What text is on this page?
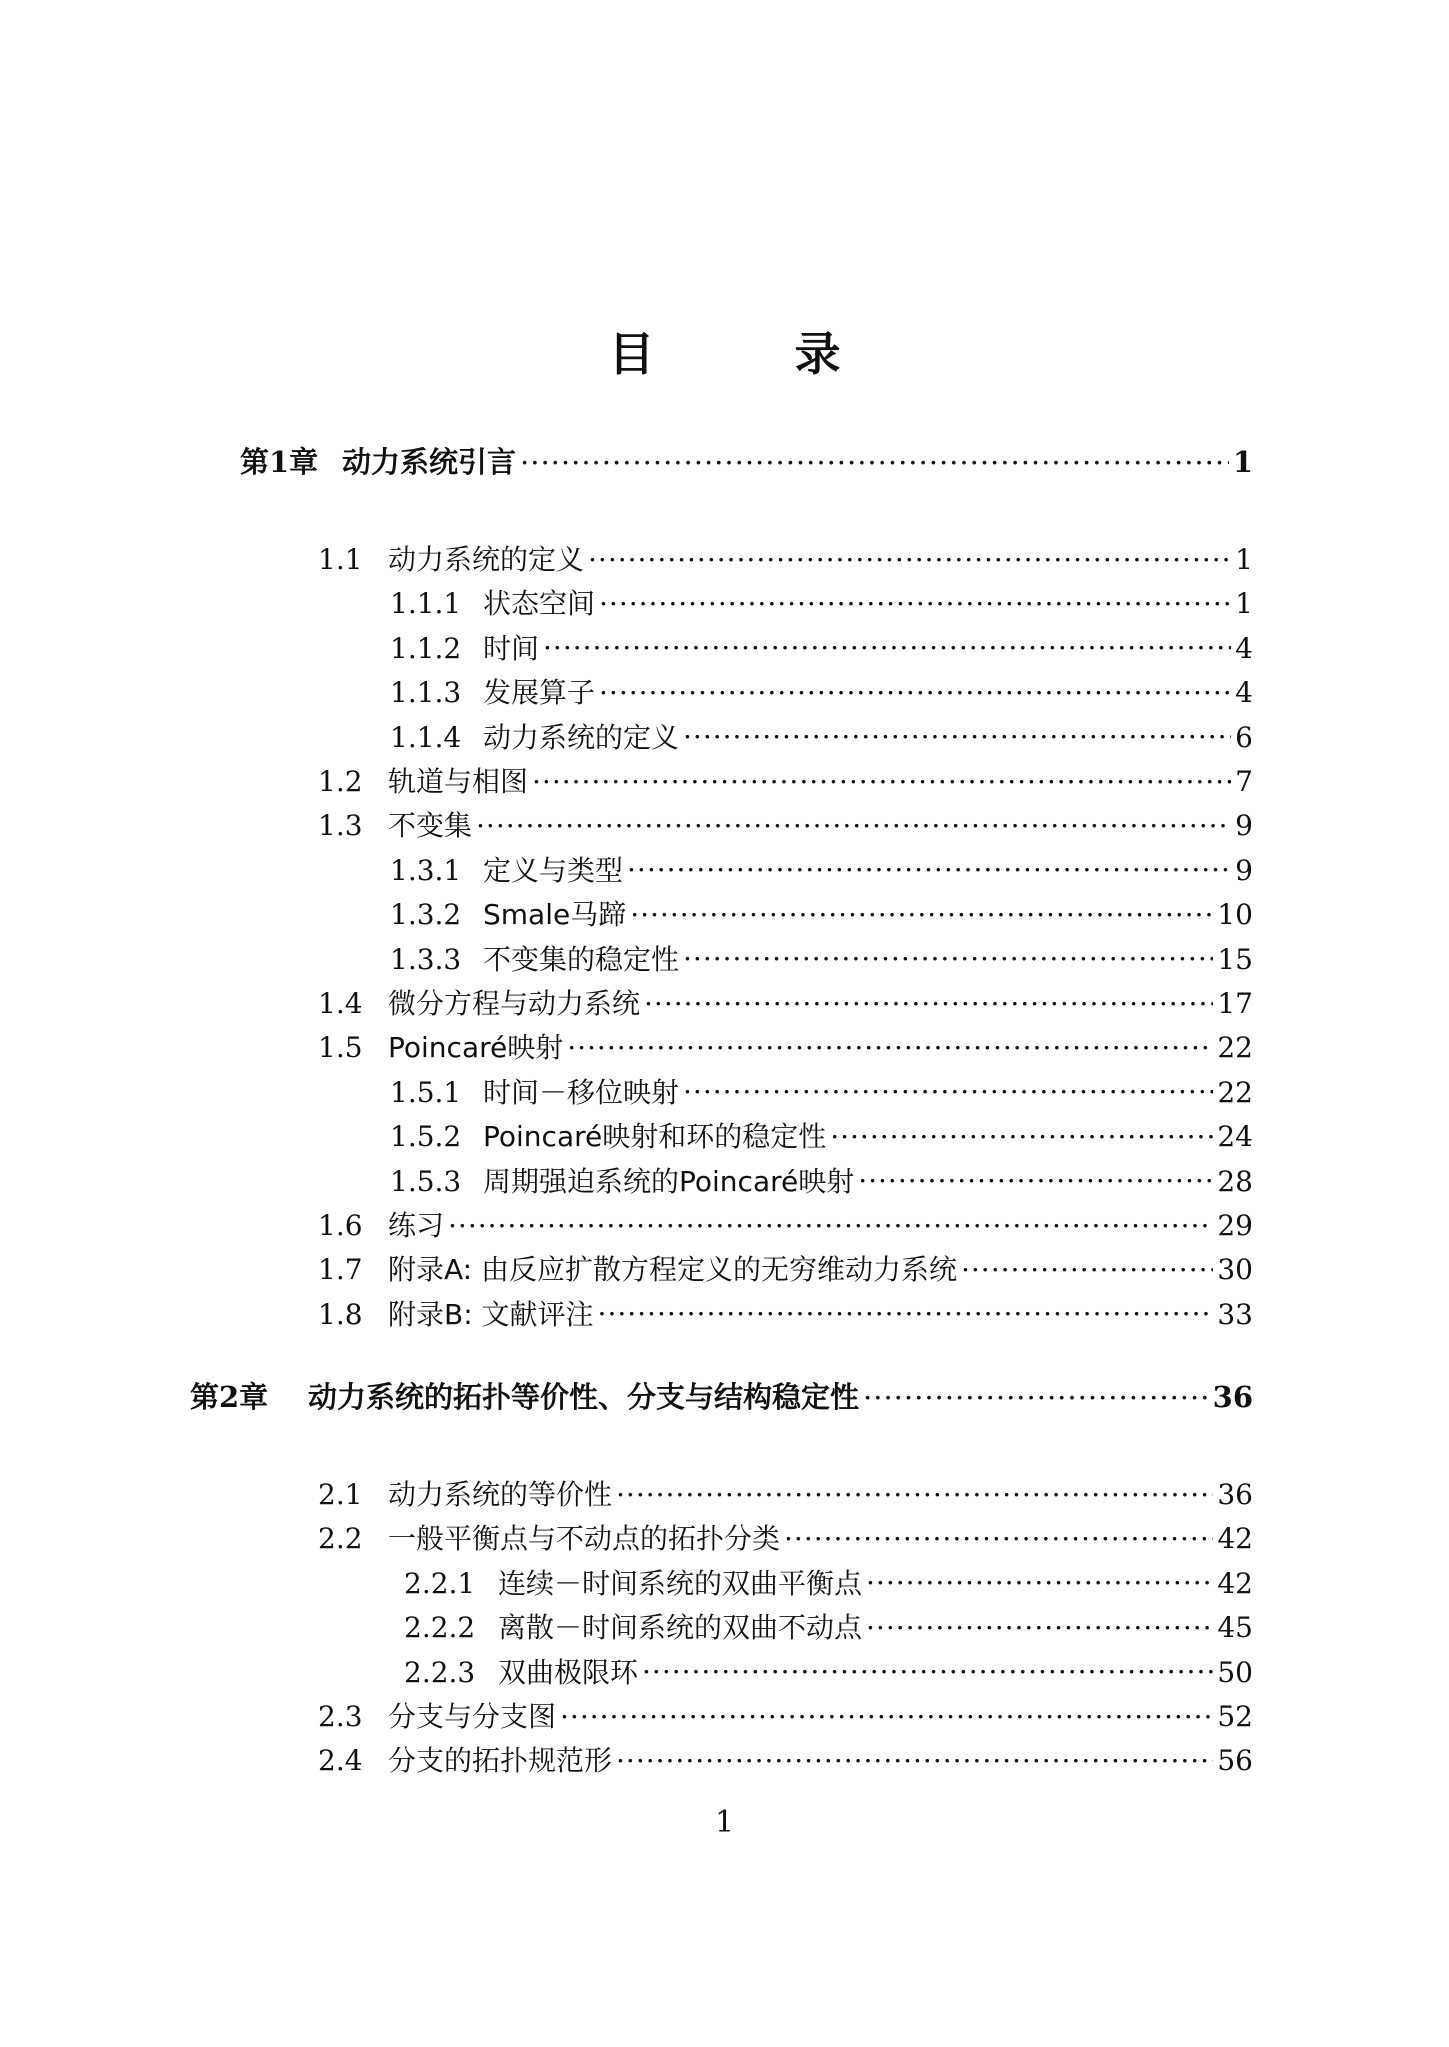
目 录
第1章 动力系统引言 .....	1
1.1 动力系统的定义 .....	1
1.1.1 状态空间 .....	1
1.1.2 时间 .....	4
1.1.3 发展算子 .....	4
1.1.4 动力系统的定义 .....	6
1.2 轨道与相图 .....	7
1.3 不变集 .....	9
1.3.1 定义与类型 .....	9
1.3.2 Smale马蹄 .....	10
1.3.3 不变集的稳定性 .....	15
1.4 微分方程与动力系统 .....	17
1.5 Poincaré映射 .....	22
1.5.1 时间－移位映射 .....	22
1.5.2 Poincaré映射和环的稳定性 .....	24
1.5.3 周期强迫系统的Poincaré映射 .....	28
1.6 练习 .....	29
1.7 附录A: 由反应扩散方程定义的无穷维动力系统 .....	30
1.8 附录B: 文献评注 .....	33
第2章	动力系统的拓扑等价性、分支与结构稳定性 .....	36
2.1 动力系统的等价性 .....	36
2.2 一般平衡点与不动点的拓扑分类 .....	42
2.2.1 连续－时间系统的双曲平衡点 .....	42
2.2.2 离散－时间系统的双曲不动点 .....	45
2.2.3 双曲极限环 .....	50
2.3 分支与分支图 .....	52
2.4 分支的拓扑规范形 .....	56
1
